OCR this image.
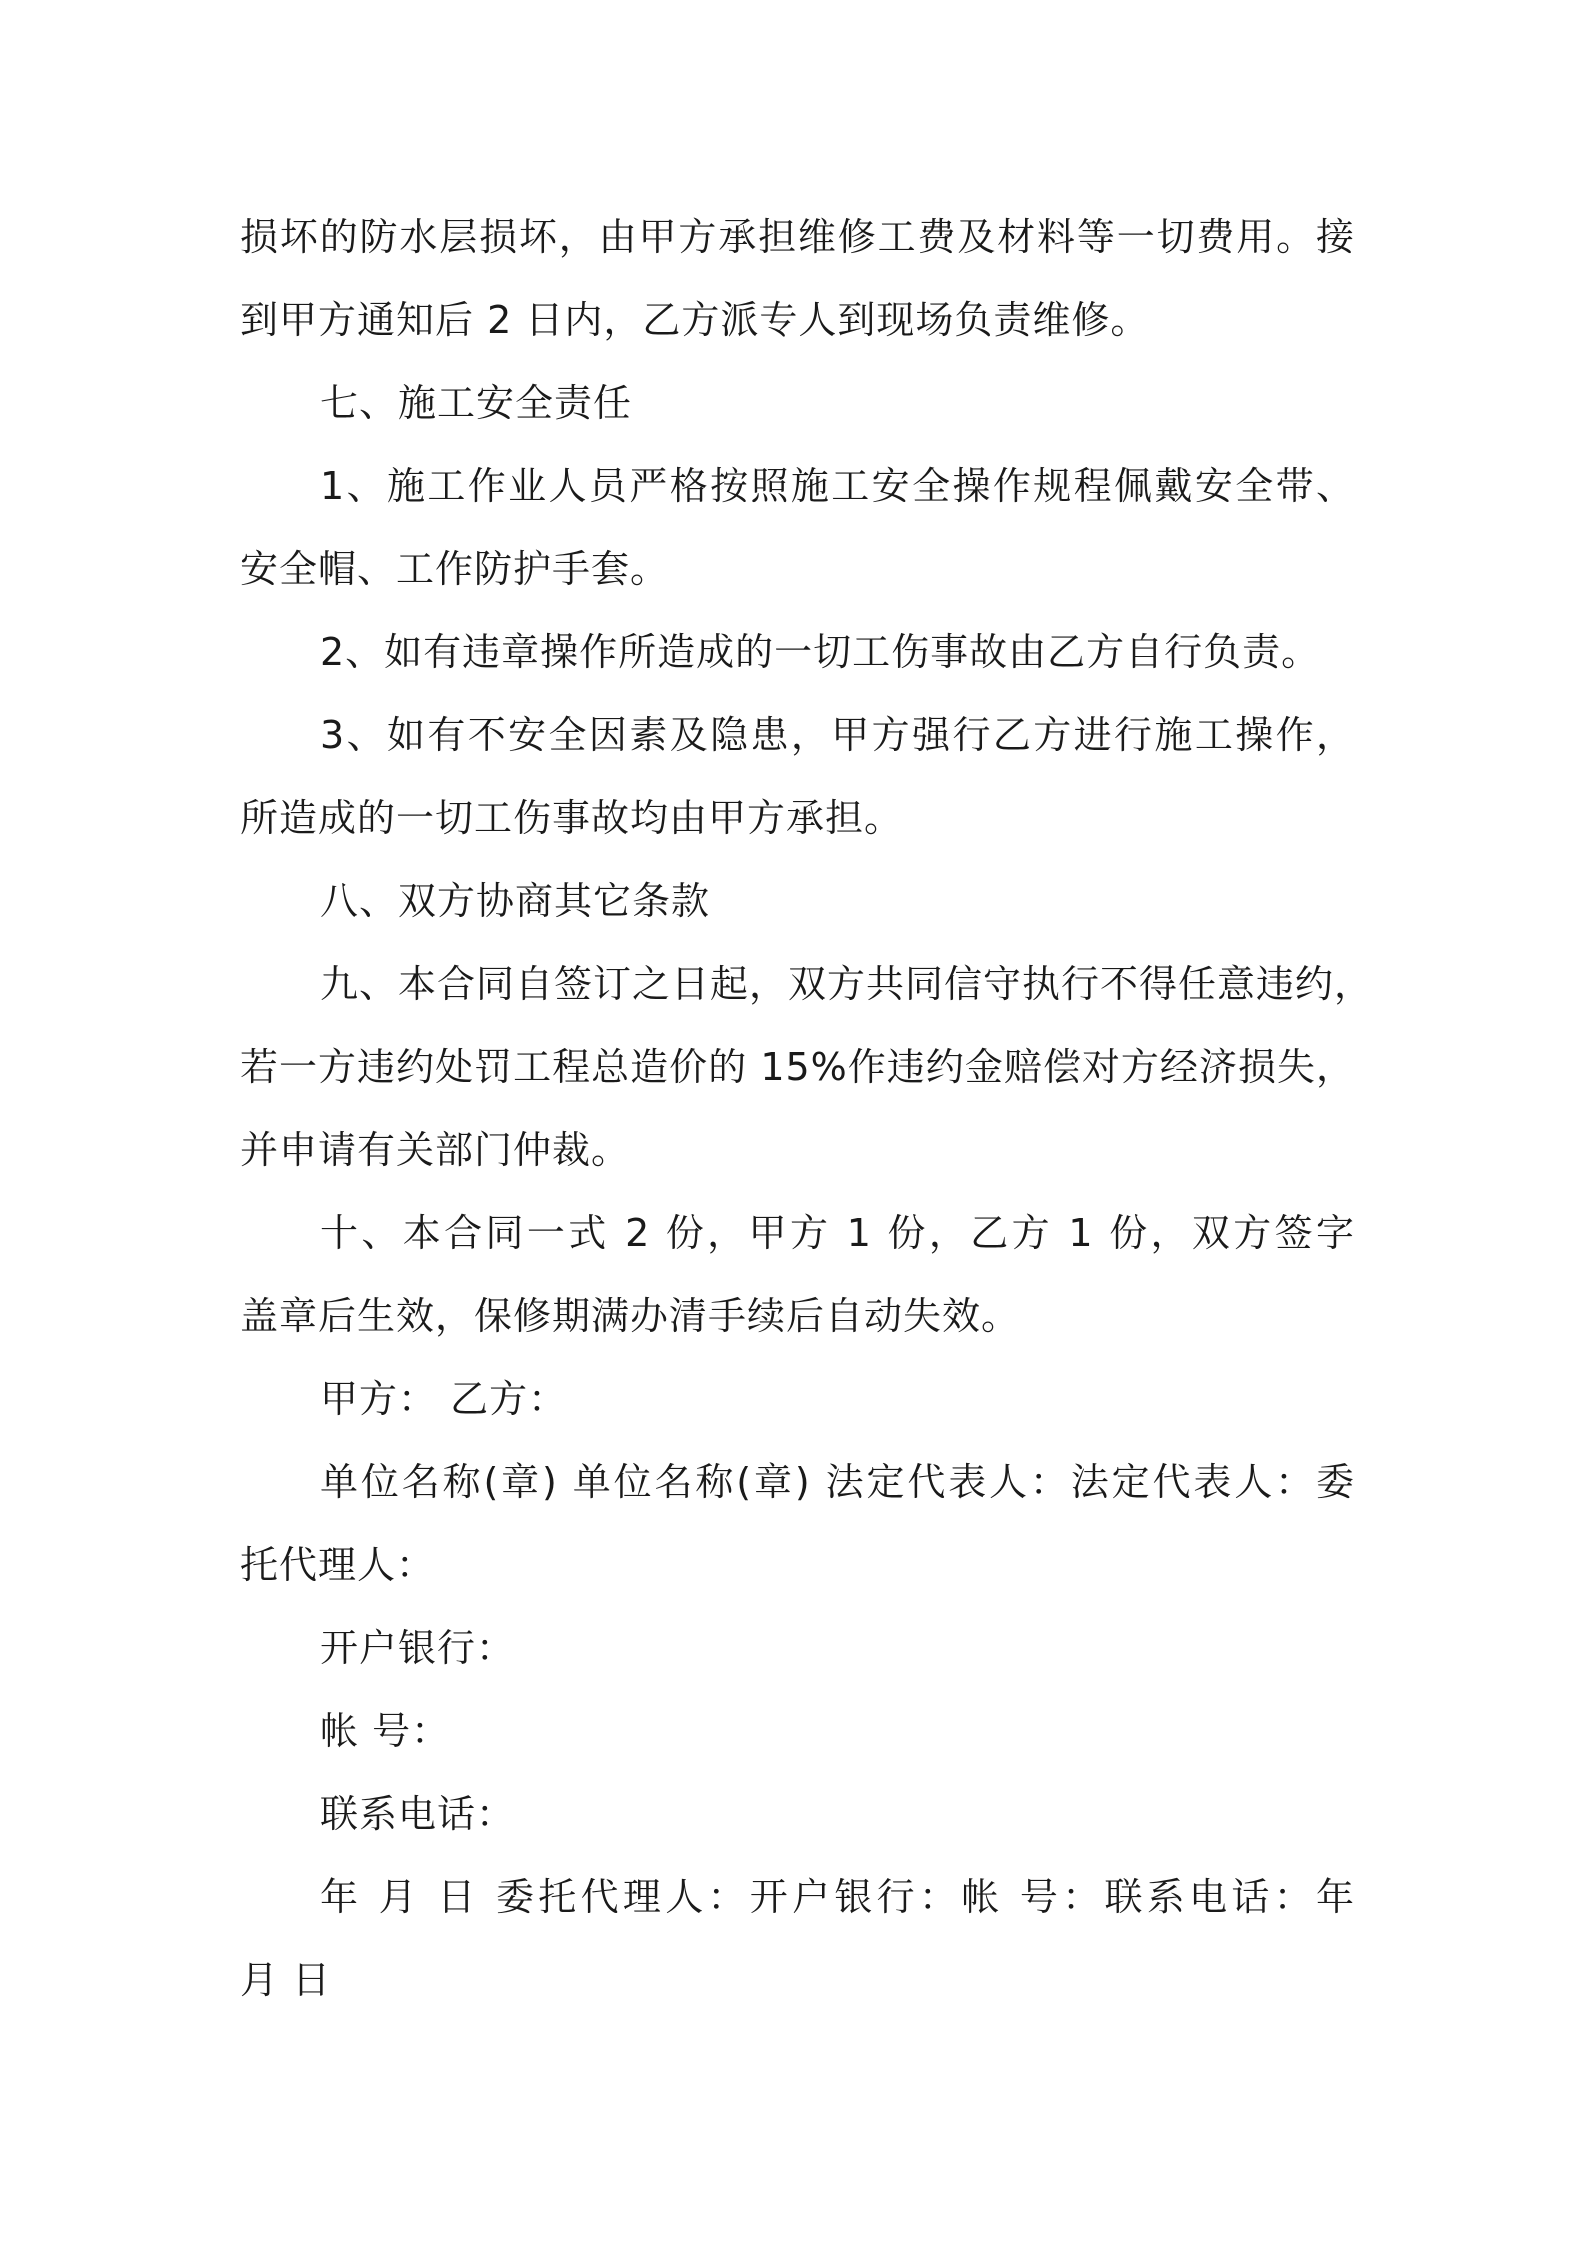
损坏的防水层损坏，由甲方承担维修工费及材料等一切费用。接
到甲方通知后 2 日内，乙方派专人到现场负责维修。
七、施工安全责任
1、施工作业人员严格按照施工安全操作规程佩戴安全带、
安全帽、工作防护手套。
2、如有违章操作所造成的一切工伤事故由乙方自行负责。
3、如有不安全因素及隐患，甲方强行乙方进行施工操作，
所造成的一切工伤事故均由甲方承担。
八、双方协商其它条款
九、本合同自签订之日起，双方共同信守执行不得任意违约，
若一方违约处罚工程总造价的 15%作违约金赔偿对方经济损失，
并申请有关部门仲裁。
十、本合同一式 2 份，甲方 1 份，乙方 1 份，双方签字
盖章后生效，保修期满办清手续后自动失效。
甲方： 乙方：
单位名称(章) 单位名称(章) 法定代表人：法定代表人：委
托代理人：
开户银行：
帐 号：
联系电话：
年 月 日 委托代理人：开户银行：帐 号：联系电话：年
月 日
